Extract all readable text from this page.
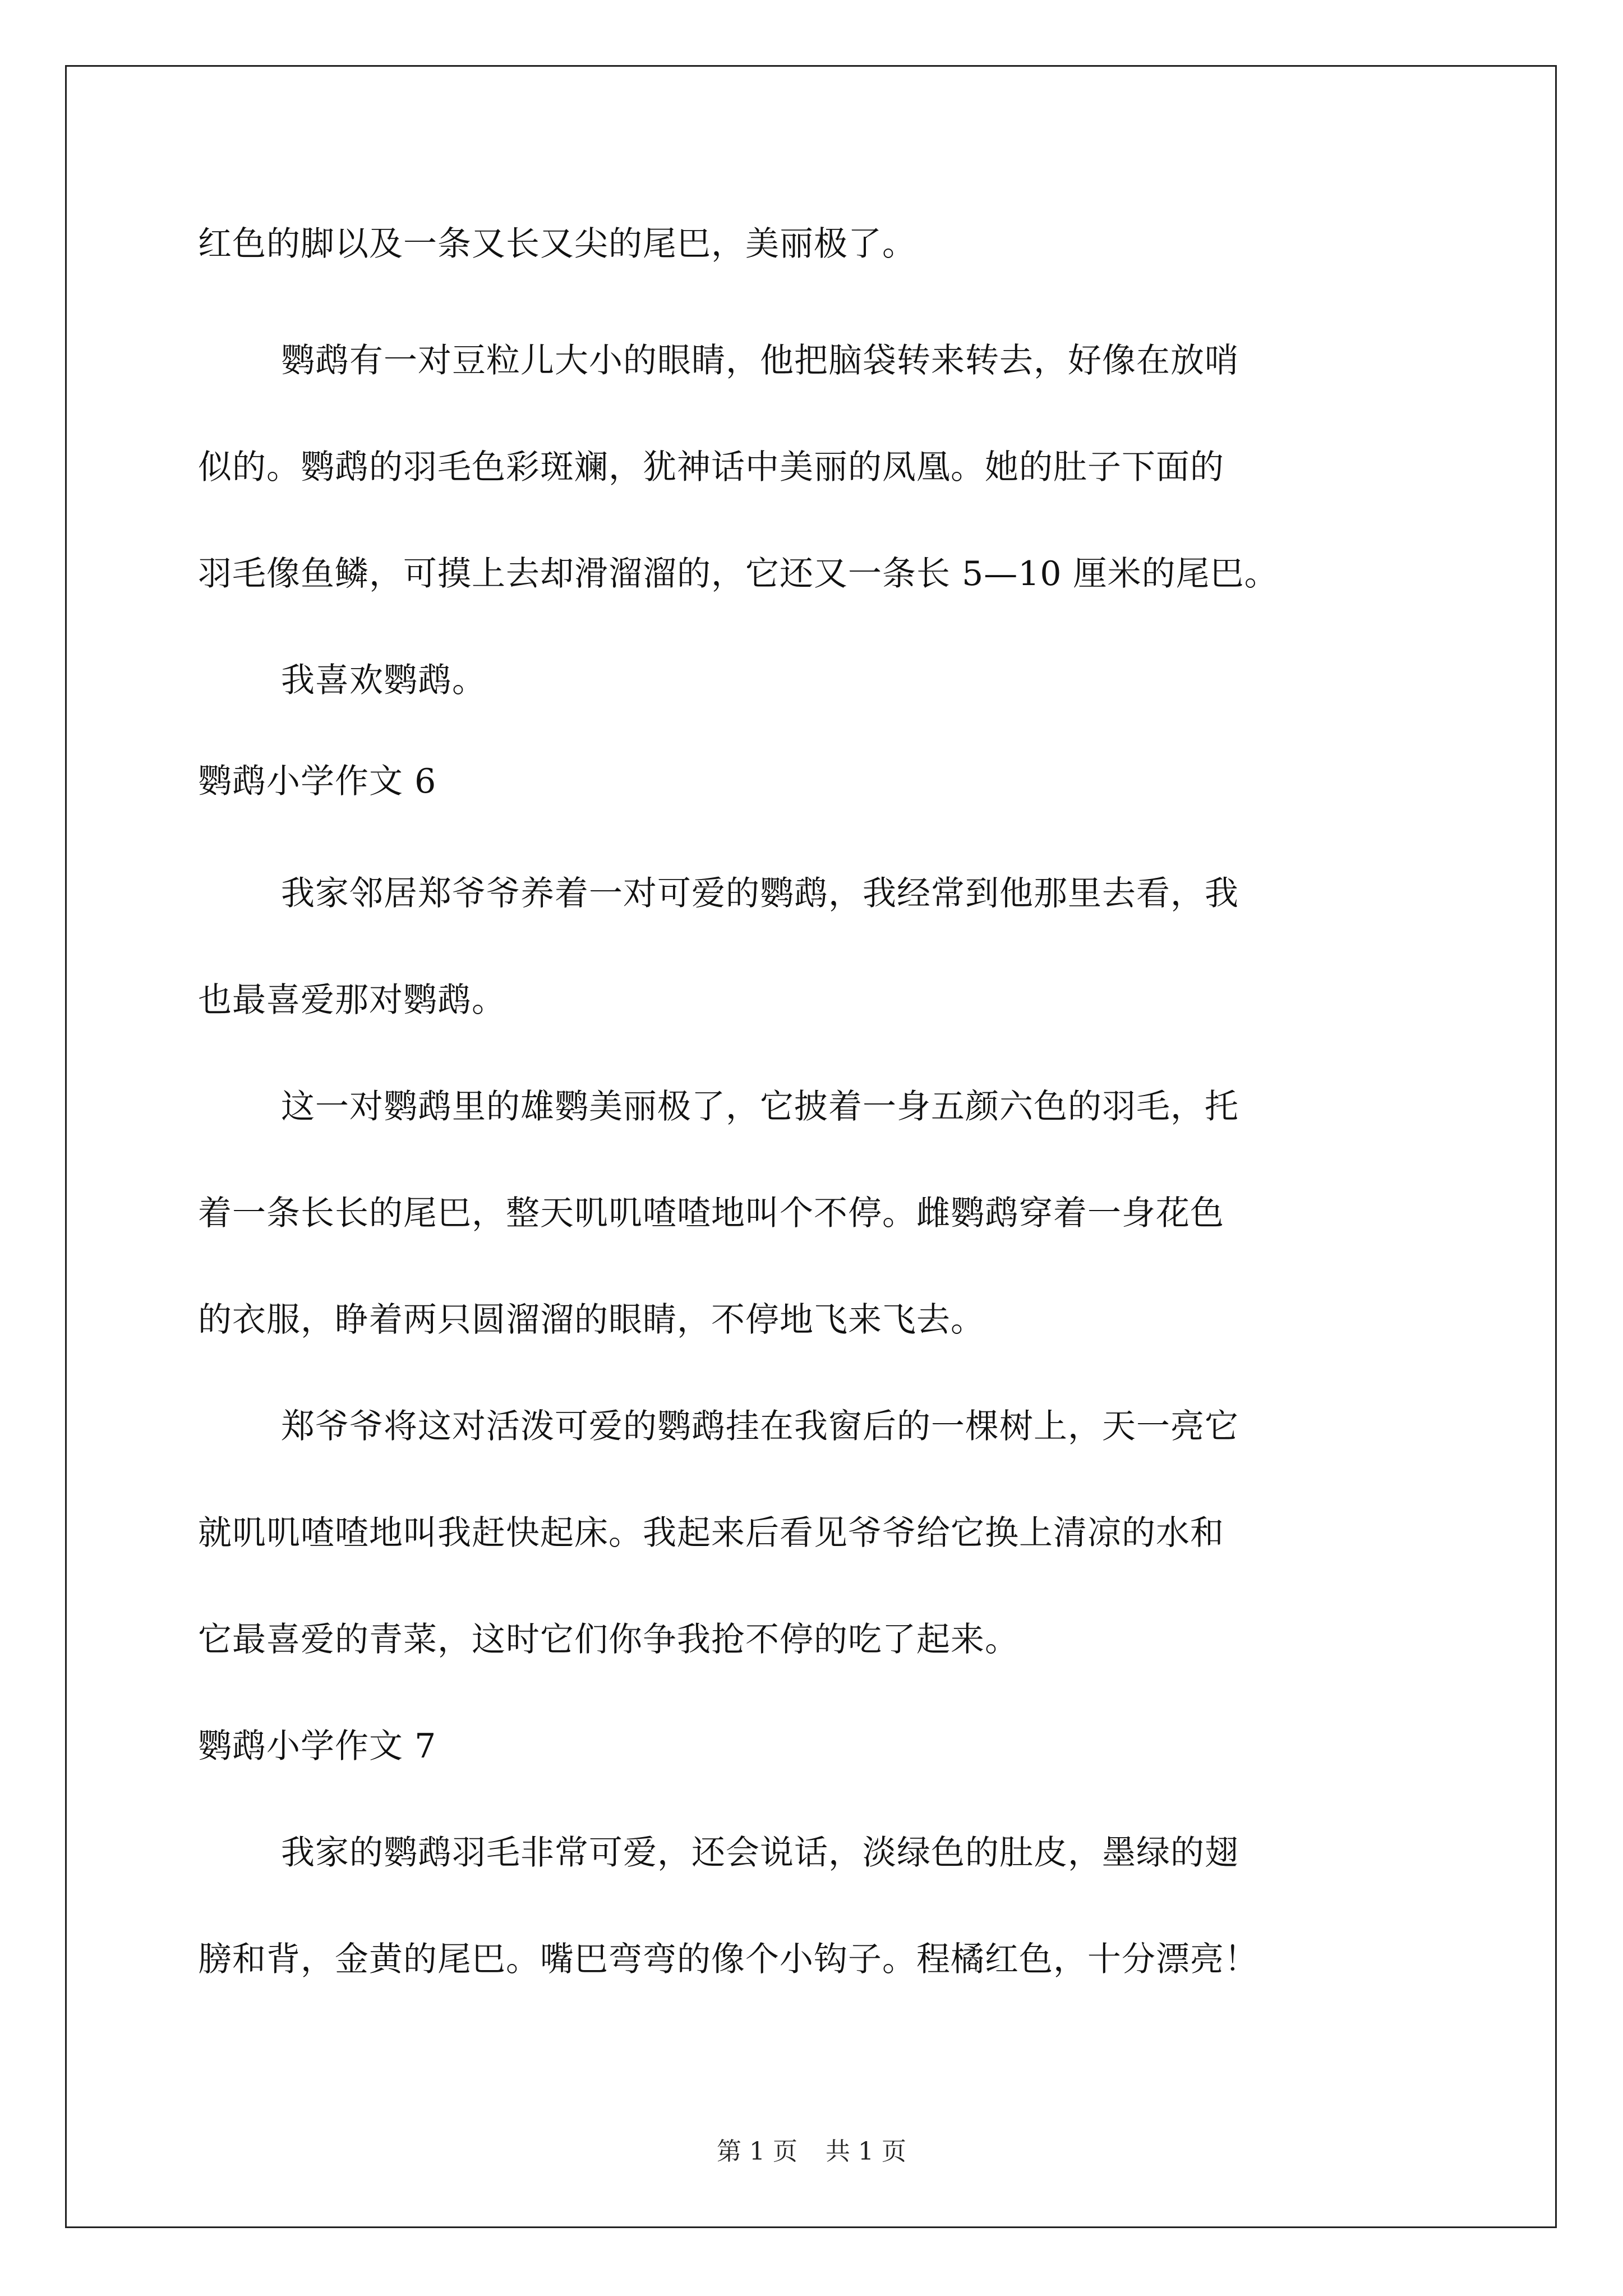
红色的脚以及一条又长又尖的尾巴，美丽极了。
鹦鹉有一对豆粒儿大小的眼睛，他把脑袋转来转去，好像在放哨
似的。鹦鹉的羽毛色彩斑斓，犹神话中美丽的凤凰。她的肚子下面的
羽毛像鱼鳞，可摸上去却滑溜溜的，它还又一条长 5—10 厘米的尾巴。
我喜欢鹦鹉。
鹦鹉小学作文 6
我家邻居郑爷爷养着一对可爱的鹦鹉，我经常到他那里去看，我
也最喜爱那对鹦鹉。
这一对鹦鹉里的雄鹦美丽极了，它披着一身五颜六色的羽毛，托
着一条长长的尾巴，整天叽叽喳喳地叫个不停。雌鹦鹉穿着一身花色
的衣服，睁着两只圆溜溜的眼睛，不停地飞来飞去。
郑爷爷将这对活泼可爱的鹦鹉挂在我窗后的一棵树上，天一亮它
就叽叽喳喳地叫我赶快起床。我起来后看见爷爷给它换上清凉的水和
它最喜爱的青菜，这时它们你争我抢不停的吃了起来。
鹦鹉小学作文 7
我家的鹦鹉羽毛非常可爱，还会说话，淡绿色的肚皮，墨绿的翅
膀和背，金黄的尾巴。嘴巴弯弯的像个小钩子。程橘红色，十分漂亮！
第 1 页 共 1 页
